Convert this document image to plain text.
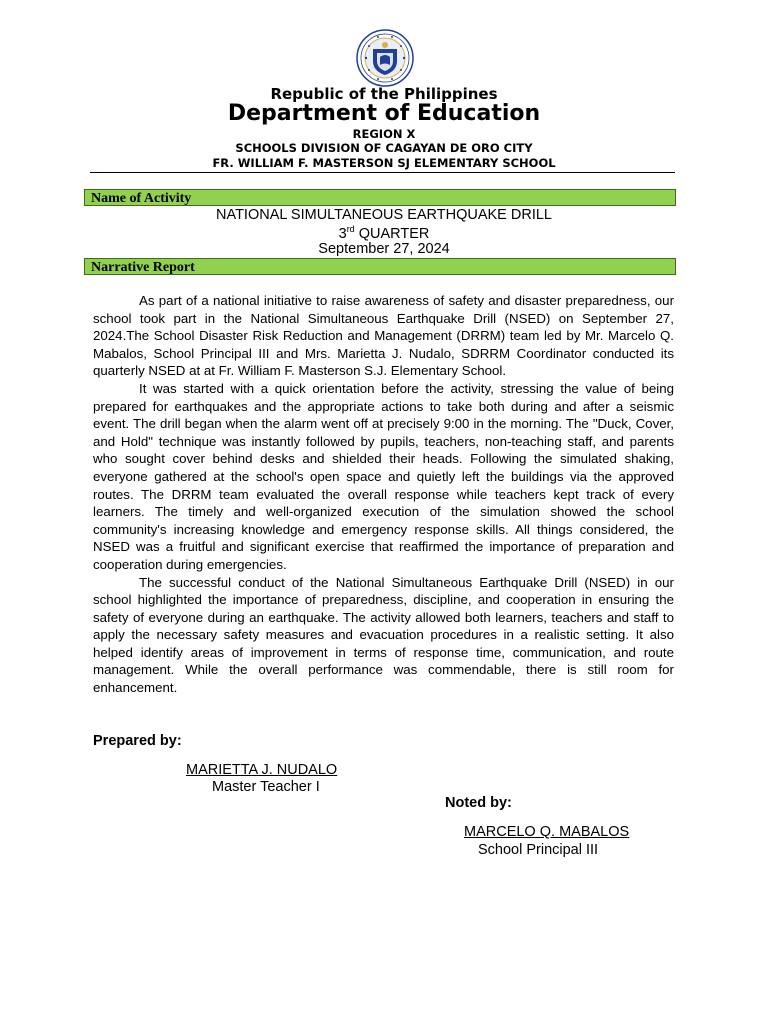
Republic of the Philippines
Department of Education
REGION X
SCHOOLS DIVISION OF CAGAYAN DE ORO CITY
FR. WILLIAM F. MASTERSON SJ ELEMENTARY SCHOOL
Name of Activity
NATIONAL SIMULTANEOUS EARTHQUAKE DRILL
3rd QUARTER
September 27, 2024
Narrative Report

As part of a national initiative to raise awareness of safety and disaster preparedness, our school took part in the National Simultaneous Earthquake Drill (NSED) on September 27, 2024.The School Disaster Risk Reduction and Management (DRRM) team led by Mr. Marcelo Q. Mabalos, School Principal III and Mrs. Marietta J. Nudalo, SDRRM Coordinator conducted its quarterly NSED at at Fr. William F. Masterson S.J. Elementary School.

It was started with a quick orientation before the activity, stressing the value of being prepared for earthquakes and the appropriate actions to take both during and after a seismic event. The drill began when the alarm went off at precisely 9:00 in the morning. The "Duck, Cover, and Hold" technique was instantly followed by pupils, teachers, non-teaching staff, and parents who sought cover behind desks and shielded their heads. Following the simulated shaking, everyone gathered at the school's open space and quietly left the buildings via the approved routes. The DRRM team evaluated the overall response while teachers kept track of every learners. The timely and well-organized execution of the simulation showed the school community's increasing knowledge and emergency response skills. All things considered, the NSED was a fruitful and significant exercise that reaffirmed the importance of preparation and cooperation during emergencies.

The successful conduct of the National Simultaneous Earthquake Drill (NSED) in our school highlighted the importance of preparedness, discipline, and cooperation in ensuring the safety of everyone during an earthquake. The activity allowed both learners, teachers and staff to apply the necessary safety measures and evacuation procedures in a realistic setting. It also helped identify areas of improvement in terms of response time, communication, and route management. While the overall performance was commendable, there is still room for enhancement.

Prepared by:
MARIETTA J. NUDALO
Master Teacher I
Noted by:
MARCELO Q. MABALOS
School Principal III
